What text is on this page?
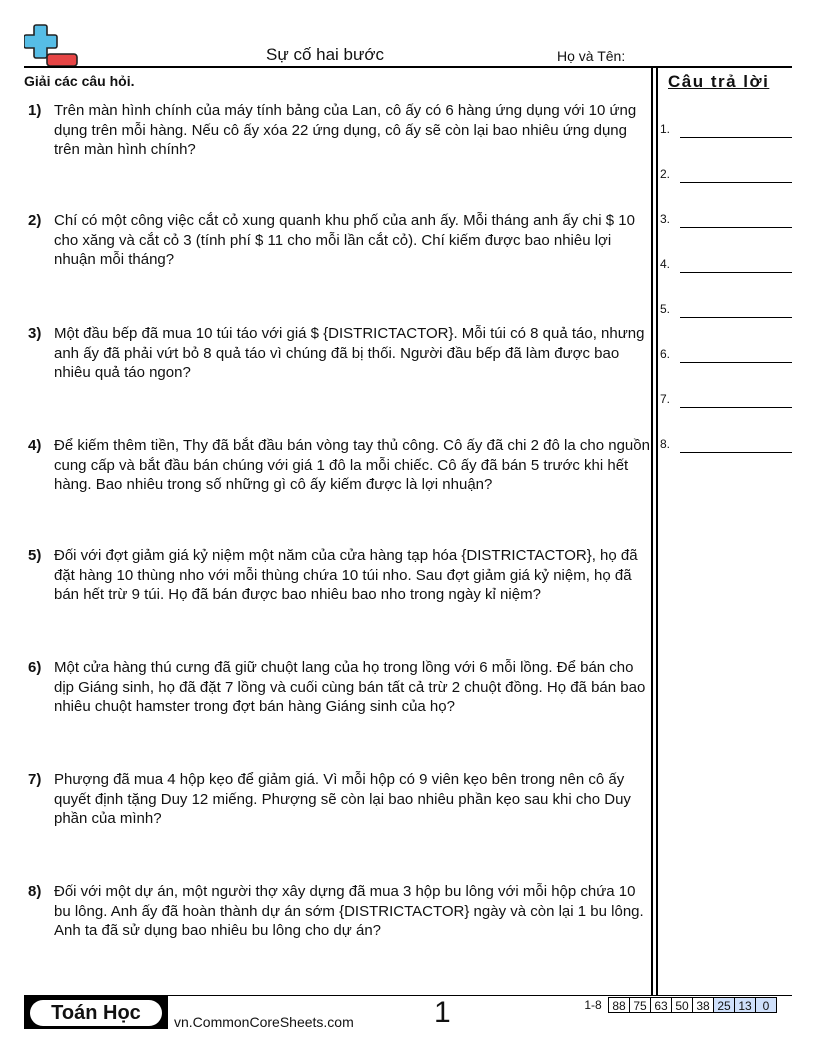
Sự cố hai bước	Họ và Tên:
Giải các câu hỏi.	Câu trả lời
1) Trên màn hình chính của máy tính bảng của Lan, cô ấy có 6 hàng ứng dụng với 10 ứng dụng trên mỗi hàng. Nếu cô ấy xóa 22 ứng dụng, cô ấy sẽ còn lại bao nhiêu ứng dụng trên màn hình chính?
2) Chí có một công việc cắt cỏ xung quanh khu phố của anh ấy. Mỗi tháng anh ấy chi $ 10 cho xăng và cắt cỏ 3 (tính phí $ 11 cho mỗi lần cắt cỏ). Chí kiếm được bao nhiêu lợi nhuận mỗi tháng?
3) Một đầu bếp đã mua 10 túi táo với giá $ {DISTRICTACTOR}. Mỗi túi có 8 quả táo, nhưng anh ấy đã phải vứt bỏ 8 quả táo vì chúng đã bị thối. Người đầu bếp đã làm được bao nhiêu quả táo ngon?
4) Để kiếm thêm tiền, Thy đã bắt đầu bán vòng tay thủ công. Cô ấy đã chi 2 đô la cho nguồn cung cấp và bắt đầu bán chúng với giá 1 đô la mỗi chiếc. Cô ấy đã bán 5 trước khi hết hàng. Bao nhiêu trong số những gì cô ấy kiếm được là lợi nhuận?
5) Đối với đợt giảm giá kỷ niệm một năm của cửa hàng tạp hóa {DISTRICTACTOR}, họ đã đặt hàng 10 thùng nho với mỗi thùng chứa 10 túi nho. Sau đợt giảm giá kỷ niệm, họ đã bán hết trừ 9 túi. Họ đã bán được bao nhiêu bao nho trong ngày kỉ niệm?
6) Một cửa hàng thú cưng đã giữ chuột lang của họ trong lồng với 6 mỗi lồng. Để bán cho dịp Giáng sinh, họ đã đặt 7 lồng và cuối cùng bán tất cả trừ 2 chuột đồng. Họ đã bán bao nhiêu chuột hamster trong đợt bán hàng Giáng sinh của họ?
7) Phượng đã mua 4 hộp kẹo để giảm giá. Vì mỗi hộp có 9 viên kẹo bên trong nên cô ấy quyết định tặng Duy 12 miếng. Phượng sẽ còn lại bao nhiêu phần kẹo sau khi cho Duy phần của mình?
8) Đối với một dự án, một người thợ xây dựng đã mua 3 hộp bu lông với mỗi hộp chứa 10 bu lông. Anh ấy đã hoàn thành dự án sớm {DISTRICTACTOR} ngày và còn lại 1 bu lông. Anh ta đã sử dụng bao nhiêu bu lông cho dự án?
1.
2.
3.
4.
5.
6.
7.
8.
Toán Học	vn.CommonCoreSheets.com	1	1-8 88 75 63 50 38 25 13 0
